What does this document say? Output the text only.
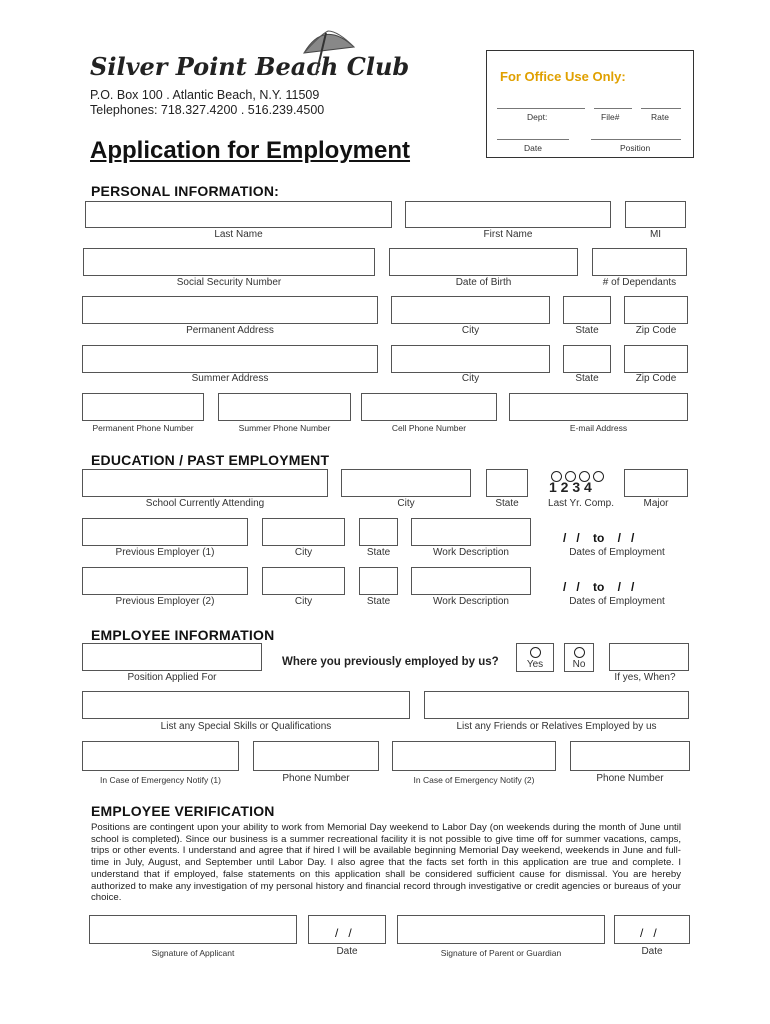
Silver Point Beach Club
P.O. Box 100 . Atlantic Beach, N.Y. 11509
Telephones: 718.327.4200 . 516.239.4500
Application for Employment
For Office Use Only:
Dept:	File#	Rate
Date	Position
PERSONAL INFORMATION:
Last Name	First Name	MI
Social Security Number	Date of Birth	# of Dependants
Permanent Address	City	State	Zip Code
Summer Address	City	State	Zip Code
Permanent Phone Number	Summer Phone Number	Cell Phone Number	E-mail Address
EDUCATION / PAST EMPLOYMENT
1 2 3 4
School Currently Attending	City	State	Last Yr. Comp.	Major
/   /    to    /   /
Previous Employer (1)	City	State	Work Description	Dates of Employment
/   /    to    /   /
Previous Employer (2)	City	State	Work Description	Dates of Employment
EMPLOYEE INFORMATION
Where you previously employed by us?	Yes	No
Position Applied For	If yes, When?
List any Special Skills or Qualifications	List any Friends or Relatives Employed by us
In Case of Emergency Notify (1)	Phone Number	In Case of Emergency Notify (2)	Phone Number
EMPLOYEE VERIFICATION
Positions are contingent upon your ability to work from Memorial Day weekend to Labor Day (on weekends during the month of June until school is completed). Since our business is a summer recreational facility it is not possible to give time off for summer vacations, camps, trips or other events. I understand and agree that if hired I will be available beginning Memorial Day weekend, weekends in June and full-time in July, August, and September until Labor Day. I also agree that the facts set forth in this application are true and complete. I understand that if employed, false statements on this application shall be considered sufficient cause for dismissal. You are hereby authorized to make any investigation of my personal history and financial record through investigative or credit agencies or bureaus of your choice.
/   /	/   /
Signature of Applicant	Date	Signature of Parent or Guardian	Date
